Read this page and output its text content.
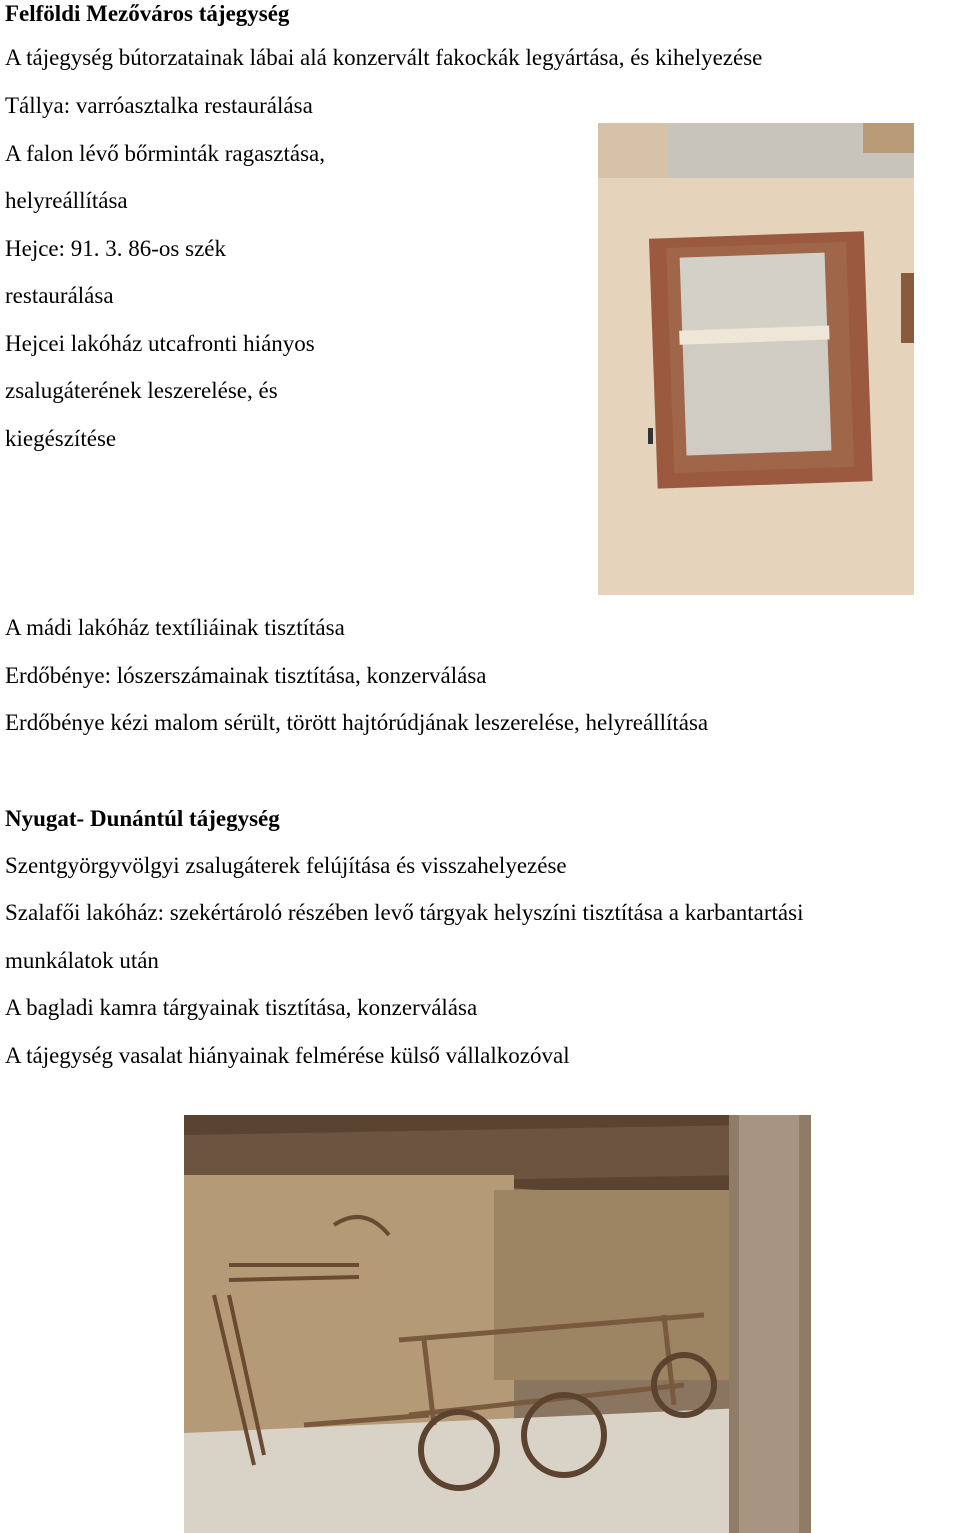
Felföldi Mezőváros tájegység
A tájegység bútorzatainak lábai alá konzervált fakockák legyártása, és kihelyezése
Tállya: varróasztalka restaurálása
A falon lévő bőrminták ragasztása,
helyreállítása
Hejce: 91. 3. 86-os szék
restaurálása
Hejcei lakóház utcafronti hiányos
zsalugáterének leszerelése, és
kiegészítése
A mádi lakóház textíliáinak tisztítása
Erdőbénye: lószerszámainak tisztítása, konzerválása
Erdőbénye kézi malom sérült, törött hajtórúdjának leszerelése, helyreállítása
Nyugat- Dunántúl tájegység
Szentgyörgyvölgyi zsalugáterek felújítása és visszahelyezése
Szalafői lakóház: szekértároló részében levő tárgyak helyszíni tisztítása a karbantartási
munkálatok után
A bagladi kamra tárgyainak tisztítása, konzerválása
A tájegység vasalat hiányainak felmérése külső vállalkozóval
